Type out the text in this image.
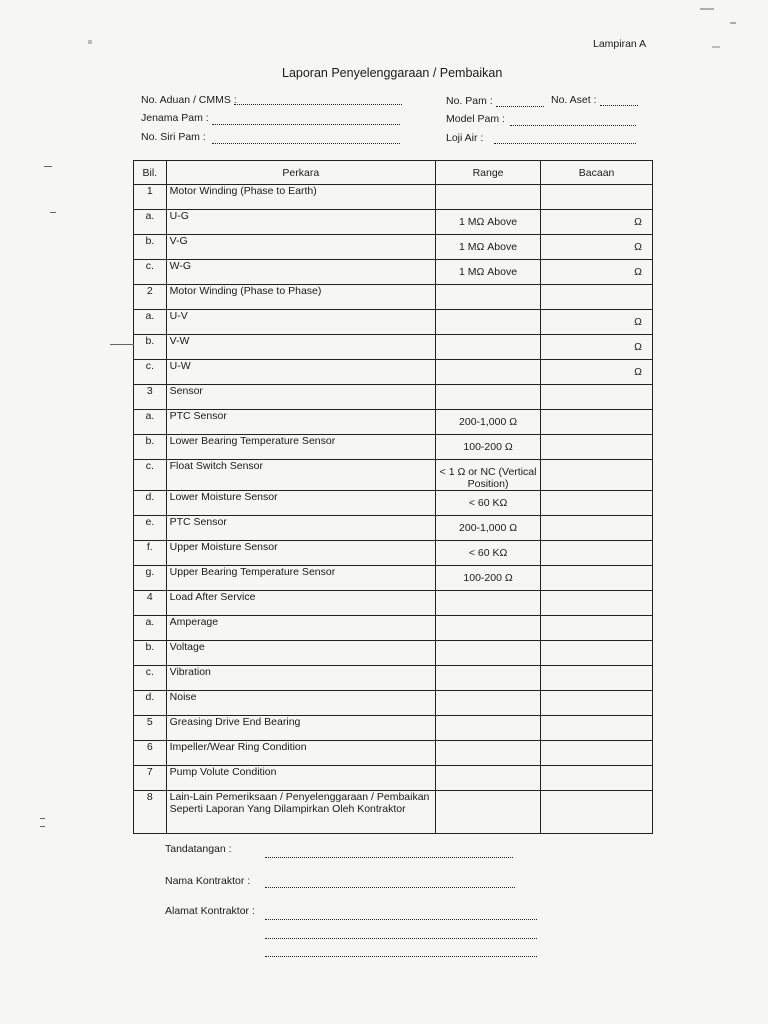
Lampiran A
Laporan Penyelenggaraan / Pembaikan
No. Aduan / CMMS :
Jenama Pam :
No. Siri Pam :
No. Pam :	No. Aset :
Model Pam :
Loji Air :
Bil.	Perkara	Range	Bacaan
1	Motor Winding (Phase to Earth)	

a.	U-G	1 MΩ Above	Ω

b.	V-G	1 MΩ Above	Ω

c.	W-G	1 MΩ Above	Ω

2	Motor Winding (Phase to Phase)	

a.	U-V		Ω

b.	V-W		Ω

c.	U-W		Ω

3	Sensor	

a.	PTC Sensor	200-1,000 Ω	

b.	Lower Bearing Temperature Sensor	100-200 Ω	

c.	Float Switch Sensor	< 1 Ω or NC (Vertical Position)	

d.	Lower Moisture Sensor	< 60 KΩ	

e.	PTC Sensor	200-1,000 Ω	

f.	Upper Moisture Sensor	< 60 KΩ	

g.	Upper Bearing Temperature Sensor	100-200 Ω	

4	Load After Service	

a.	Amperage	

b.	Voltage	

c.	Vibration	

d.	Noise	

5	Greasing Drive End Bearing	

6	Impeller/Wear Ring Condition	

7	Pump Volute Condition	

8	Lain-Lain Pemeriksaan / Penyelenggaraan / Pembaikan Seperti Laporan Yang Dilampirkan Oleh Kontraktor	

Tandatangan :
Nama Kontraktor :
Alamat Kontraktor :
